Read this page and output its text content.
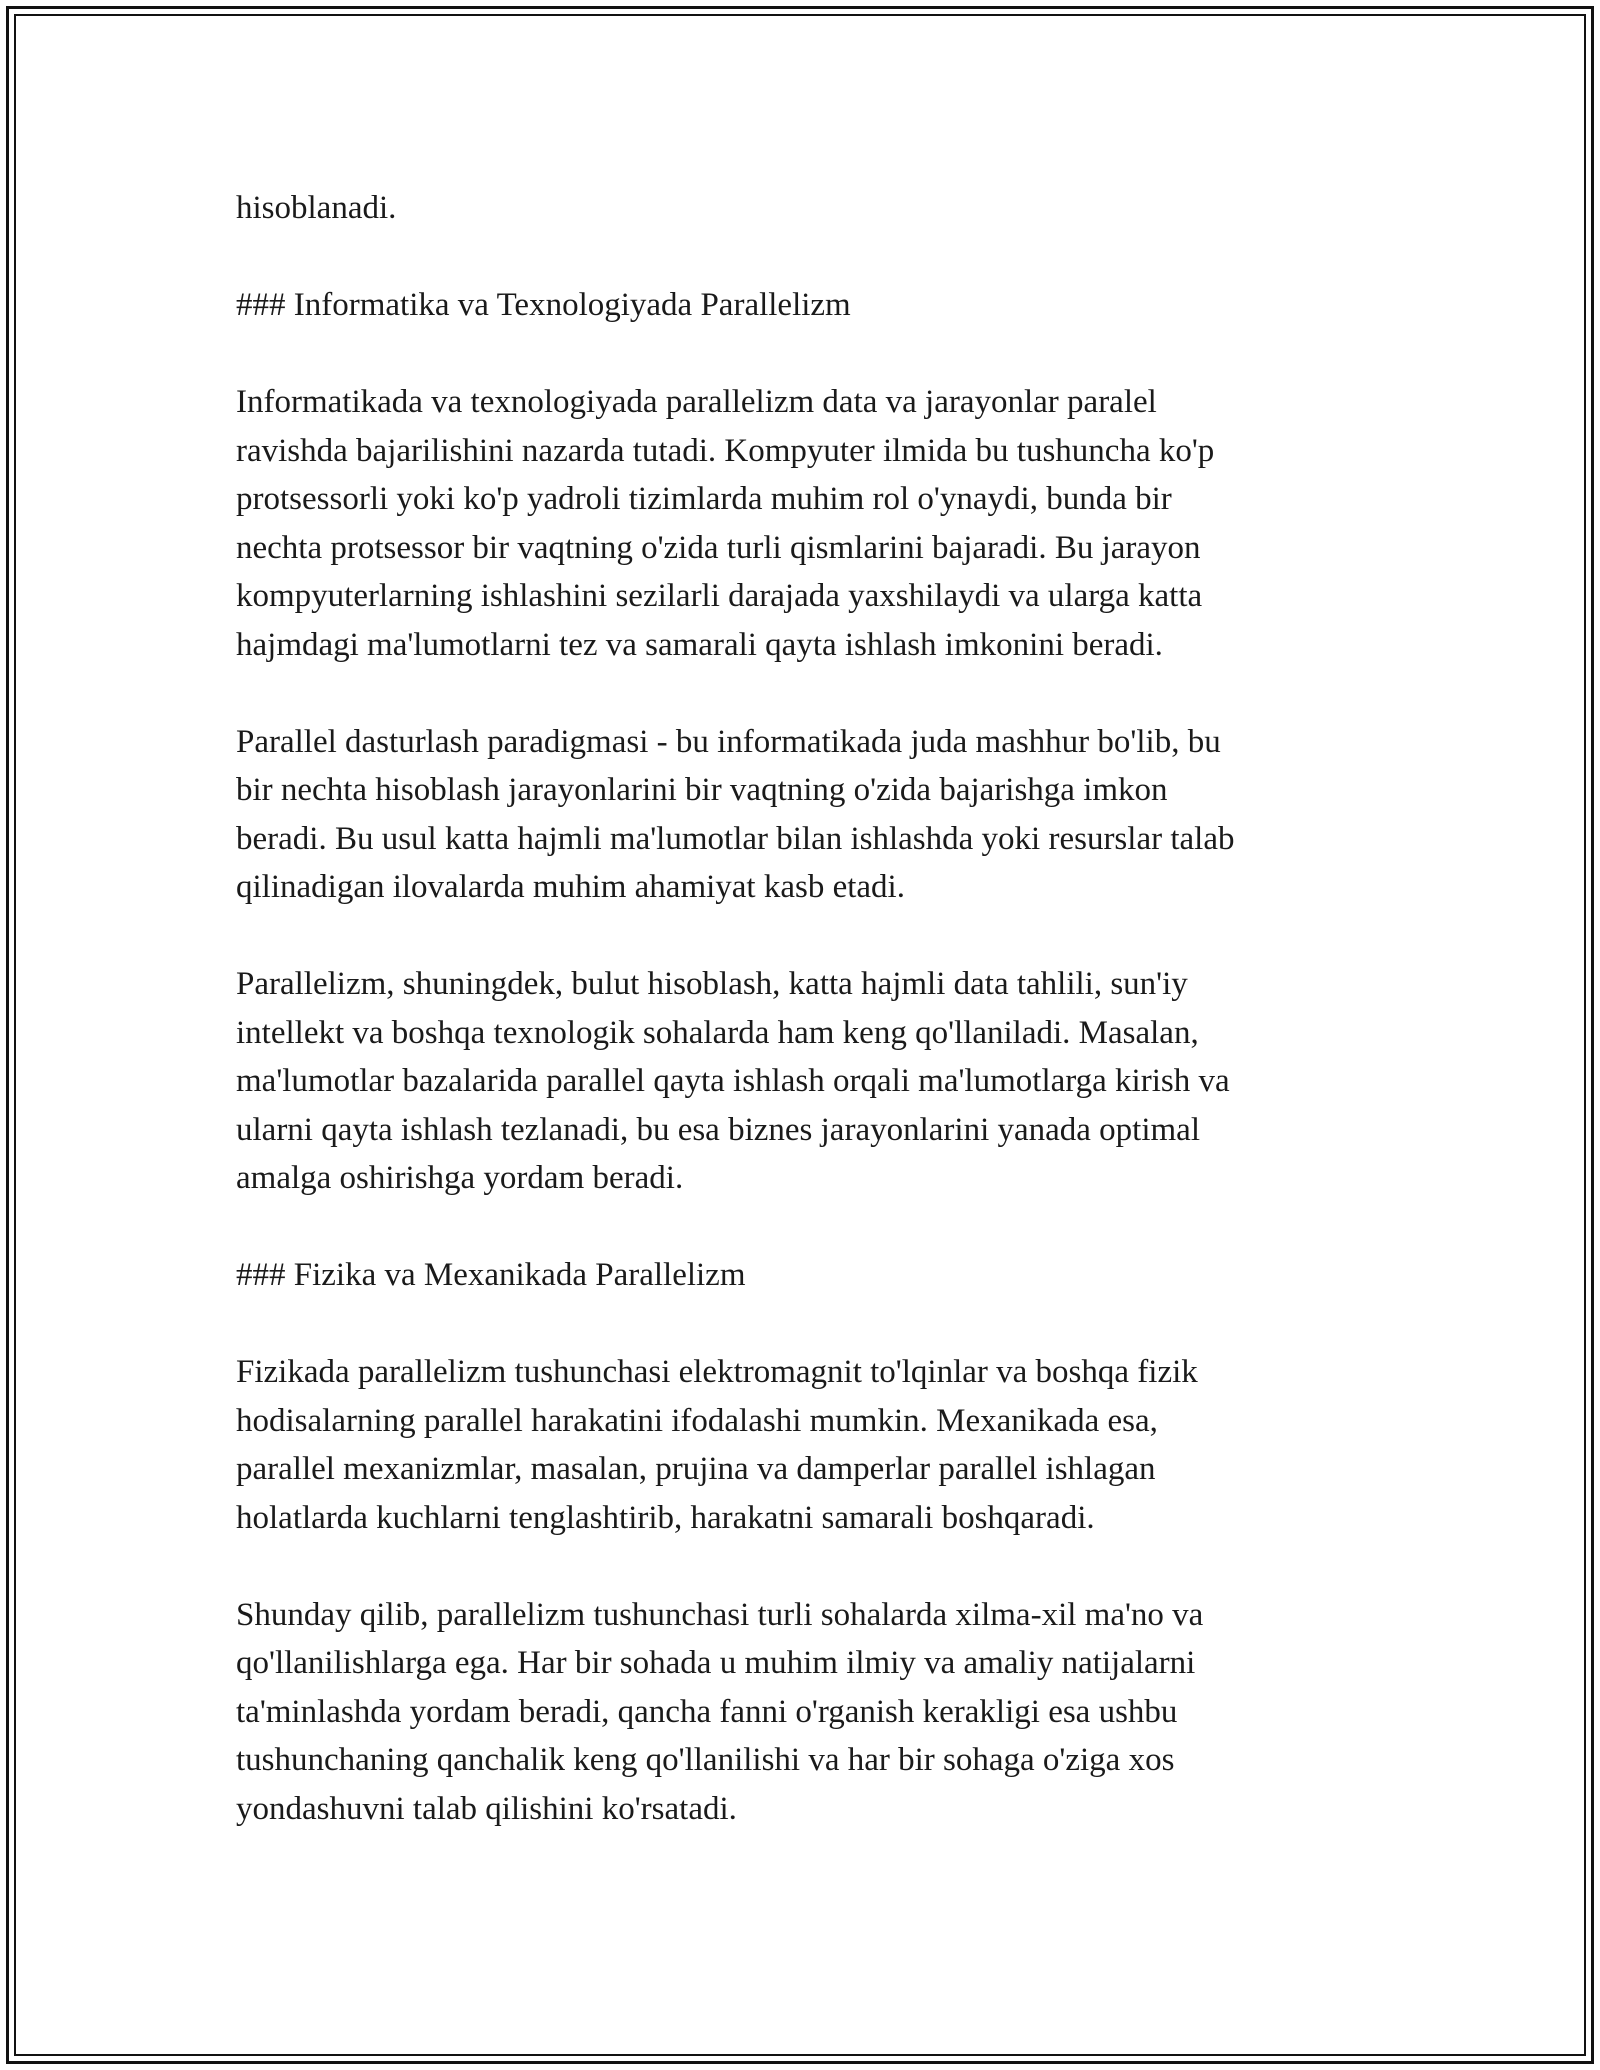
hisoblanadi.

### Informatika va Texnologiyada Parallelizm

Informatikada va texnologiyada parallelizm data va jarayonlar paralel
ravishda bajarilishini nazarda tutadi. Kompyuter ilmida bu tushuncha ko'p
protsessorli yoki ko'p yadroli tizimlarda muhim rol o'ynaydi, bunda bir
nechta protsessor bir vaqtning o'zida turli qismlarini bajaradi. Bu jarayon
kompyuterlarning ishlashini sezilarli darajada yaxshilaydi va ularga katta
hajmdagi ma'lumotlarni tez va samarali qayta ishlash imkonini beradi.

Parallel dasturlash paradigmasi - bu informatikada juda mashhur bo'lib, bu
bir nechta hisoblash jarayonlarini bir vaqtning o'zida bajarishga imkon
beradi. Bu usul katta hajmli ma'lumotlar bilan ishlashda yoki resurslar talab
qilinadigan ilovalarda muhim ahamiyat kasb etadi.

Parallelizm, shuningdek, bulut hisoblash, katta hajmli data tahlili, sun'iy
intellekt va boshqa texnologik sohalarda ham keng qo'llaniladi. Masalan,
ma'lumotlar bazalarida parallel qayta ishlash orqali ma'lumotlarga kirish va
ularni qayta ishlash tezlanadi, bu esa biznes jarayonlarini yanada optimal
amalga oshirishga yordam beradi.

### Fizika va Mexanikada Parallelizm

Fizikada parallelizm tushunchasi elektromagnit to'lqinlar va boshqa fizik
hodisalarning parallel harakatini ifodalashi mumkin. Mexanikada esa,
parallel mexanizmlar, masalan, prujina va damperlar parallel ishlagan
holatlarda kuchlarni tenglashtirib, harakatni samarali boshqaradi.

Shunday qilib, parallelizm tushunchasi turli sohalarda xilma-xil ma'no va
qo'llanilishlarga ega. Har bir sohada u muhim ilmiy va amaliy natijalarni
ta'minlashda yordam beradi, qancha fanni o'rganish kerakligi esa ushbu
tushunchaning qanchalik keng qo'llanilishi va har bir sohaga o'ziga xos
yondashuvni talab qilishini ko'rsatadi.
